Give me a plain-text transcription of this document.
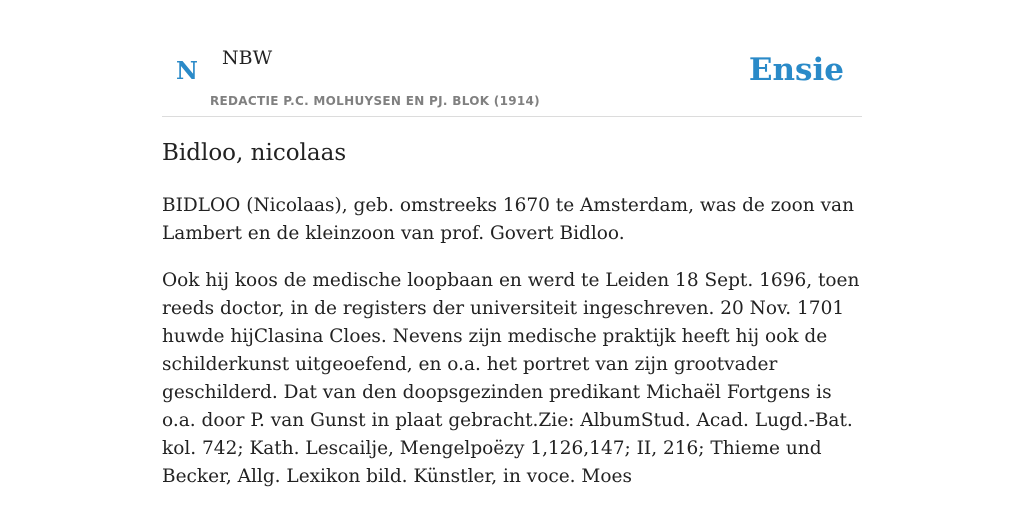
N NBW
REDACTIE P.C. MOLHUYSEN EN PJ. BLOK (1914)
Ensie
Bidloo, nicolaas

BIDLOO (Nicolaas), geb. omstreeks 1670 te Amsterdam, was de zoon van Lambert en de kleinzoon van prof. Govert Bidloo.

Ook hij koos de medische loopbaan en werd te Leiden 18 Sept. 1696, toen reeds doctor, in de registers der universiteit ingeschreven. 20 Nov. 1701 huwde hijClasina Cloes. Nevens zijn medische praktijk heeft hij ook de schilderkunst uitgeoefend, en o.a. het portret van zijn grootvader geschilderd. Dat van den doopsgezinden predikant Michaël Fortgens is o.a. door P. van Gunst in plaat gebracht.Zie: AlbumStud. Acad. Lugd.-Bat. kol. 742; Kath. Lescailje, Mengelpoëzy 1,126,147; II, 216; Thieme und Becker, Allg. Lexikon bild. Künstler, in voce. Moes
